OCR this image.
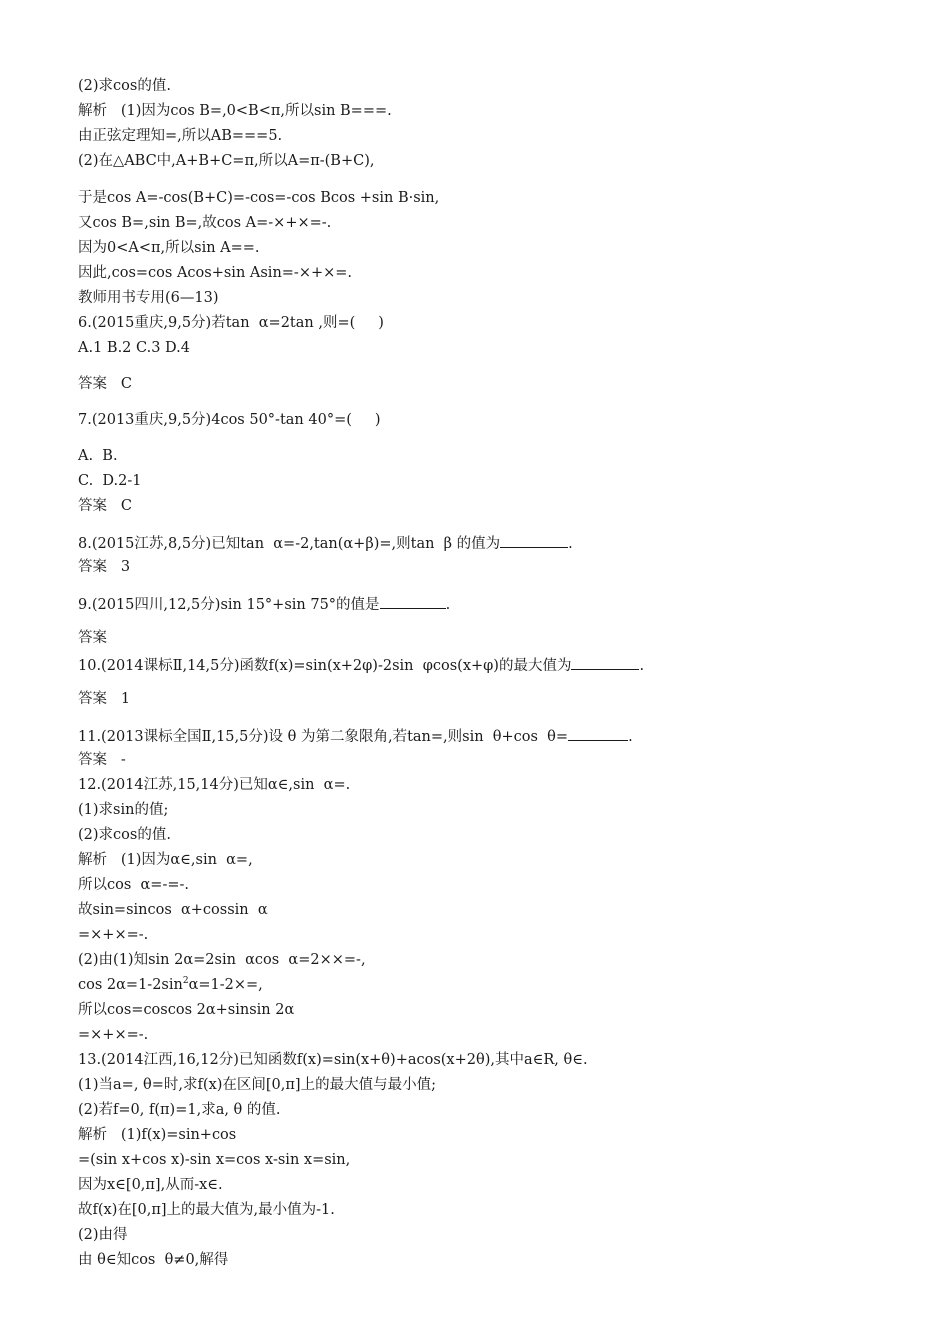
(2)求cos的值.
解析   (1)因为cos B=,0<B<π,所以sin B===.
由正弦定理知=,所以AB===5.
(2)在△ABC中,A+B+C=π,所以A=π-(B+C),
于是cos A=-cos(B+C)=-cos=-cos Bcos +sin B·sin,
又cos B=,sin B=,故cos A=-×+×=-.
因为0<A<π,所以sin A==.
因此,cos=cos Acos+sin Asin=-×+×=.
教师用书专用(6—13)
6.(2015重庆,9,5分)若tan  α=2tan ,则=(     )
A.1 B.2 C.3 D.4
答案   C
7.(2013重庆,9,5分)4cos 50°-tan 40°=(     )
A.  B.
C.  D.2-1
答案   C
8.(2015江苏,8,5分)已知tan  α=-2,tan(α+β)=,则tan  β 的值为	.
答案   3
9.(2015四川,12,5分)sin 15°+sin 75°的值是	.
答案
10.(2014课标Ⅱ,14,5分)函数f(x)=sin(x+2φ)-2sin  φcos(x+φ)的最大值为	.
答案   1
11.(2013课标全国Ⅱ,15,5分)设 θ 为第二象限角,若tan=,则sin  θ+cos  θ=	.
答案   -
12.(2014江苏,15,14分)已知α∈,sin  α=.
(1)求sin的值;
(2)求cos的值.
解析   (1)因为α∈,sin  α=,
所以cos  α=-=-.
故sin=sincos  α+cossin  α
=×+×=-.
(2)由(1)知sin 2α=2sin  αcos  α=2××=-,
$\cos 2\alpha=1-2\sin^2\alpha=1-2\times=$,
所以cos=coscos 2α+sinsin 2α
=×+×=-.
13.(2014江西,16,12分)已知函数f(x)=sin(x+θ)+acos(x+2θ),其中a∈R, θ∈.
(1)当a=, θ=时,求f(x)在区间[0,π]上的最大值与最小值;
(2)若f=0, f(π)=1,求a, θ 的值.
解析   (1)f(x)=sin+cos
=(sin x+cos x)-sin x=cos x-sin x=sin,
因为x∈[0,π],从而-x∈.
故f(x)在[0,π]上的最大值为,最小值为-1.
(2)由得
由 θ∈知cos  θ≠0,解得
